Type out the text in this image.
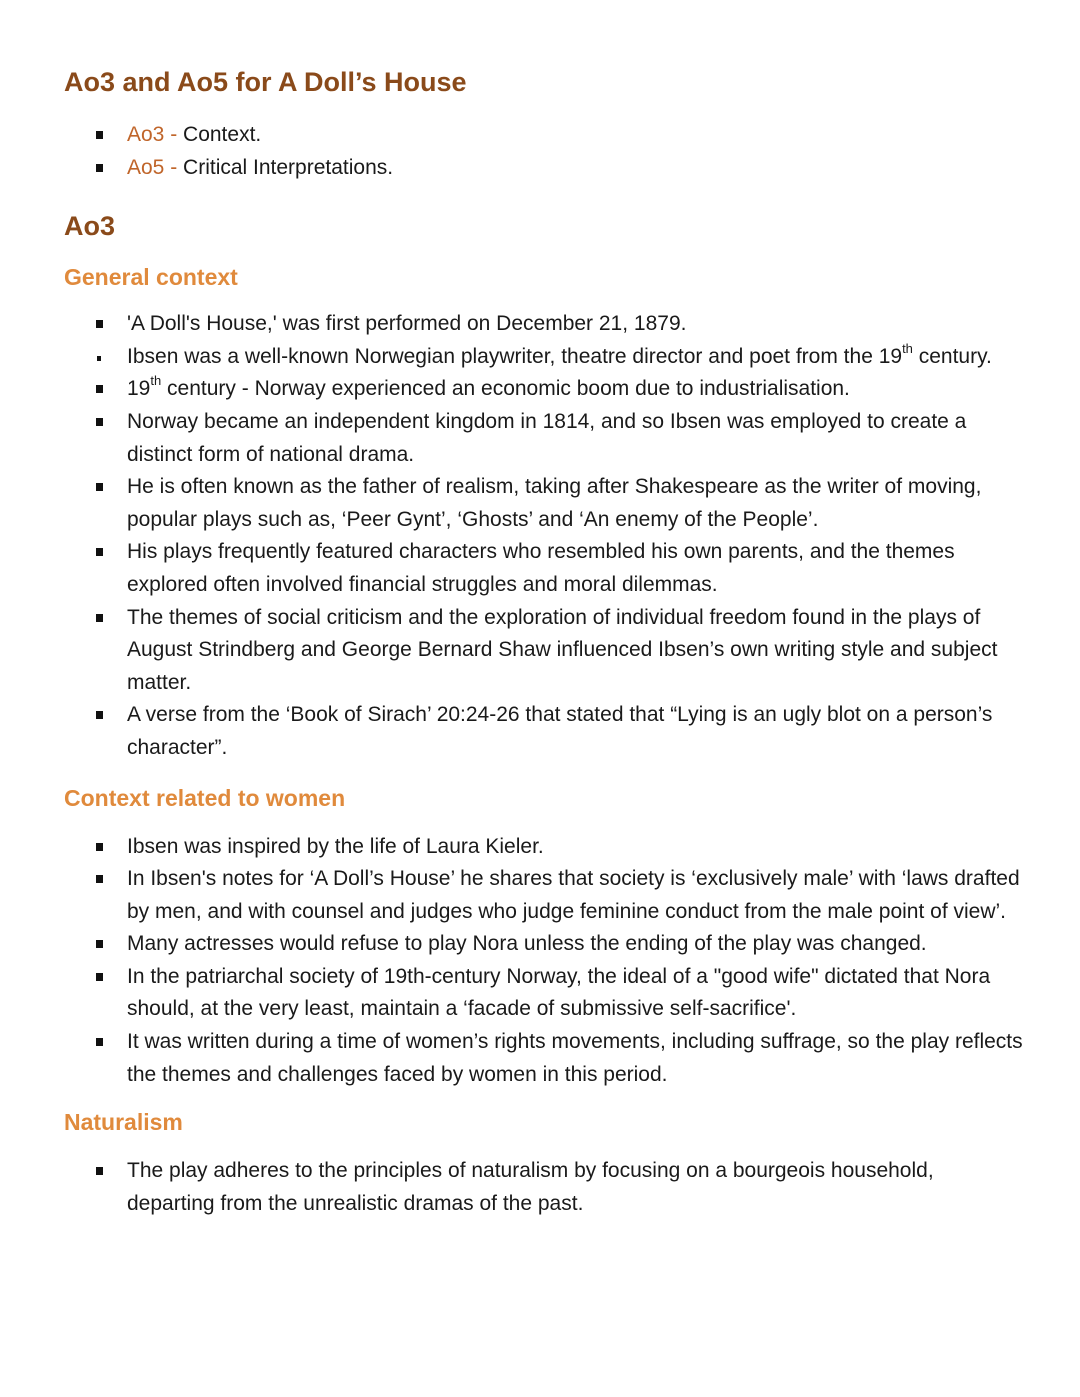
Ao3 and Ao5 for A Doll’s House
Ao3 - Context.
Ao5 - Critical Interpretations.
Ao3
General context
'A Doll's House,' was first performed on December 21, 1879.
Ibsen was a well-known Norwegian playwriter, theatre director and poet from the 19th century.
19th century - Norway experienced an economic boom due to industrialisation.
Norway became an independent kingdom in 1814, and so Ibsen was employed to create a distinct form of national drama.
He is often known as the father of realism, taking after Shakespeare as the writer of moving, popular plays such as, ‘Peer Gynt’, ‘Ghosts’ and ‘An enemy of the People’.
His plays frequently featured characters who resembled his own parents, and the themes explored often involved financial struggles and moral dilemmas.
The themes of social criticism and the exploration of individual freedom found in the plays of August Strindberg and George Bernard Shaw influenced Ibsen’s own writing style and subject matter.
A verse from the ‘Book of Sirach’ 20:24-26 that stated that “Lying is an ugly blot on a person’s character”.
Context related to women
Ibsen was inspired by the life of Laura Kieler.
In Ibsen's notes for ‘A Doll’s House’ he shares that society is ‘exclusively male’ with ‘laws drafted by men, and with counsel and judges who judge feminine conduct from the male point of view’.
Many actresses would refuse to play Nora unless the ending of the play was changed.
In the patriarchal society of 19th-century Norway, the ideal of a "good wife" dictated that Nora should, at the very least, maintain a ‘facade of submissive self-sacrifice'.
It was written during a time of women’s rights movements, including suffrage, so the play reflects the themes and challenges faced by women in this period.
Naturalism
The play adheres to the principles of naturalism by focusing on a bourgeois household, departing from the unrealistic dramas of the past.
